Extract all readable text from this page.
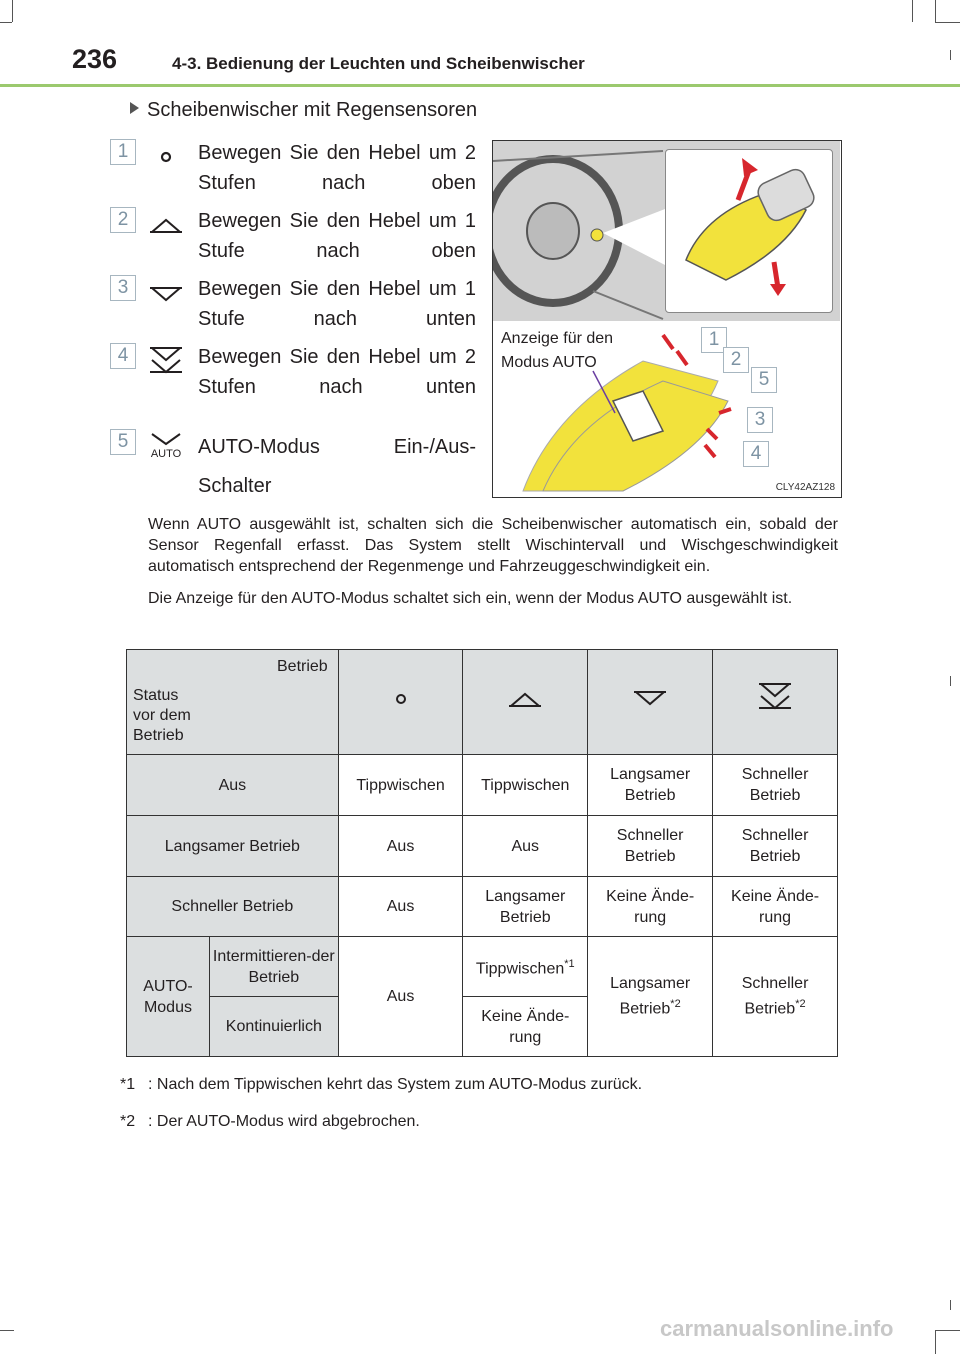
236	4-3. Bedienung der Leuchten und Scheibenwischer
Scheibenwischer mit Regensensoren
1	Bewegen Sie den Hebel um 2 Stufen nach oben
2	Bewegen Sie den Hebel um 1 Stufe nach oben
3	Bewegen Sie den Hebel um 1 Stufe nach unten
4	Bewegen Sie den Hebel um 2 Stufen nach unten
5
AUTO AUTO-Modus Ein-/Aus-Schalter
Anzeige für den Modus AUTO
1
2
5
3
4
CLY42AZ128
Wenn AUTO ausgewählt ist, schalten sich die Scheibenwischer automatisch ein, sobald der Sensor Regenfall erfasst. Das System stellt Wischintervall und Wischgeschwindigkeit automatisch entsprechend der Regenmenge und Fahrzeuggeschwindigkeit ein.
Die Anzeige für den AUTO-Modus schaltet sich ein, wenn der Modus AUTO ausgewählt ist.
Betrieb
Status vor dem Betrieb

Aus		Tippwischen	Tippwischen	Langsamer Betrieb	Schneller Betrieb
Langsamer Betrieb		Aus	Aus	Schneller Betrieb	Schneller Betrieb
Schneller Betrieb		Aus	Langsamer Betrieb	Keine Ände-rung	Keine Ände-rung
AUTO-Modus	Intermittieren-der Betrieb	Aus	Tippwischen$^{*1}$	Langsamer Betrieb$^{*2}$	Schneller Betrieb$^{*2}$
	Kontinuierlich		Keine Ände-rung		
*1 : Nach dem Tippwischen kehrt das System zum AUTO-Modus zurück.
*2 : Der AUTO-Modus wird abgebrochen.
carmanualsonline.info
